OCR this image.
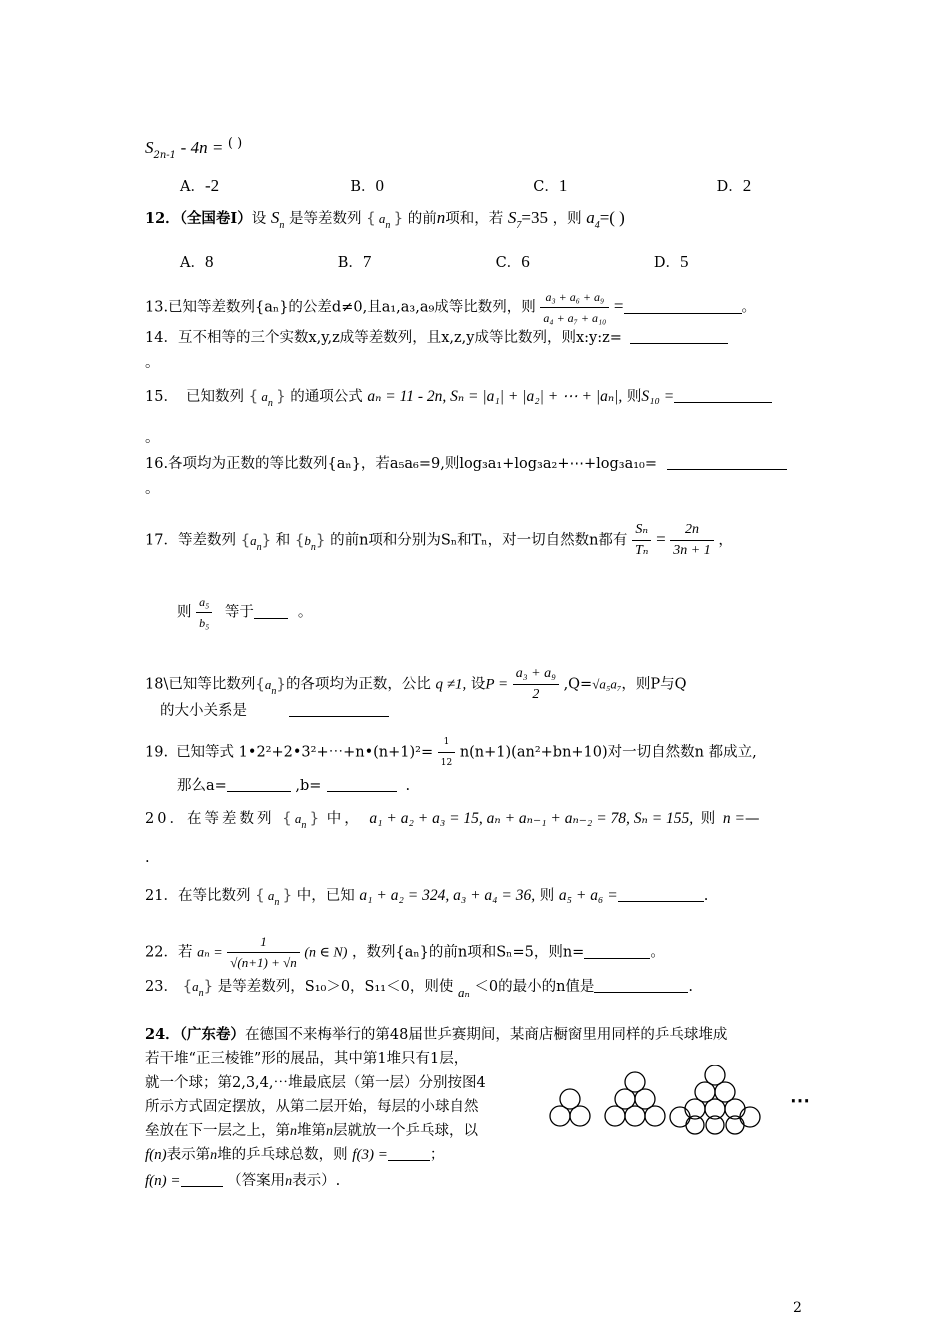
$S_{2n-1} - 4n$ = ( )
A．-2	B．0	C．1	D．2
12．（全国卷Ⅰ）设 $S_n$ 是等差数列 { $a_n$ } 的前n项和，若 $S_7=35$ ，则 $a_4=$( )
A．8	B．7	C．6	D．5
13.已知等差数列{aₙ}的公差d≠0,且a₁,a₃,a₉成等比数列，则 $\frac{\text{a₃ + a₆ + a₉}}{\text{a₄ + a₇ + a₁₀}}$ =	。
14．互不相等的三个实数x,y,z成等差数列，且x,z,y成等比数列，则x:y:z=
。
15． 已知数列 { $a_n$ } 的通项公式 aₙ = 11 - 2n, Sₙ = |a₁| + |a₂| + ⋯ + |aₙ|, 则S₁₀ =
。
16.各项均为正数的等比数列{aₙ}，若a₅a₆=9,则log₃a₁+log₃a₂+⋯+log₃a₁₀=
。
17．等差数列 $\{a_n\}$ 和 $\{b_n\}$ 的前n项和分别为Sₙ和Tₙ，对一切自然数n都有 $\frac{\text{Sₙ}}{\text{Tₙ}} = \frac{2n}{3n + 1}$ ，
则 $\frac{\text{a₅}}{\text{b₅}}$ 等于	。
18\已知等比数列$\{a_n\}$的各项均为正数，公比 q ≠1, 设$P = \frac{\text{a₃ + a₉}}{2} ,Q=√a_5a_7$，则P与Q
的大小关系是
19. 已知等式 1•2²+2•3²+⋯+n•(n+1)²= $\frac{1}{12} n(n+1)(an^2+bn+10)$对一切自然数n 都成立,
那么a=	,b=	.
20．在等差数列 { $a_n$ } 中， a₁ + a₂ + a₃ = 15, aₙ + aₙ₋₁ + aₙ₋₂ = 78, Sₙ = 155, 则 n =—
.
21．在等比数列 { $a_n$ } 中，已知 a₁ + a₂ = 324, a₃ + a₄ = 36, 则 a₅ + a₆ =	.
22．若 $a_n = \frac{1}{√(n+1) + √n} (n$ ∈ N) ，数列{aₙ}的前n项和Sₙ=5，则n=	。
23． $\{a_n\}$ 是等差数列，S₁₀＞0，S₁₁＜0，则使 aₙ ＜0的最小的n值是	.
24．（广东卷）在德国不来梅举行的第48届世乒赛期间，某商店橱窗里用同样的乒乓球堆成
若干堆“正三棱锥”形的展品，其中第1堆只有1层，
就一个球；第2,3,4,⋯堆最底层（第一层）分别按图4
所示方式固定摆放，从第二层开始，每层的小球自然
垒放在下一层之上，第n堆第n层就放一个乒乓球，以
f(n)表示第n堆的乒乓球总数，则 f(3) =	；
f(n) =	（答案用n表示）.
⋯
2
